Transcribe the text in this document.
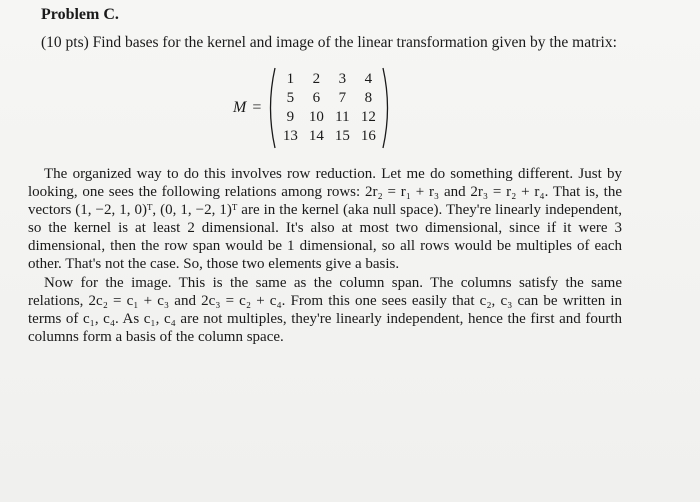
Problem C.
(10 pts) Find bases for the kernel and image of the linear transformation given by the matrix:
M =
1	2	3	4
5	6	7	8
9 10 11 12
13 14 15 16

The organized way to do this involves row reduction. Let me do something different. Just by looking, one sees the following relations among rows: 2r₂ = r₁ + r₃ and 2r₃ = r₂ + r₄. That is, the vectors (1, −2, 1, 0)ᵀ, (0, 1, −2, 1)ᵀ are in the kernel (aka null space). They're linearly independent, so the kernel is at least 2 dimensional. It's also at most two dimensional, since if it were 3 dimensional, then the row span would be 1 dimensional, so all rows would be multiples of each other. That's not the case. So, those two elements give a basis.

Now for the image. This is the same as the column span. The columns satisfy the same relations, 2c₂ = c₁ + c₃ and 2c₃ = c₂ + c₄. From this one sees easily that c₂, c₃ can be written in terms of c₁, c₄. As c₁, c₄ are not multiples, they're linearly independent, hence the first and fourth columns form a basis of the column space.
